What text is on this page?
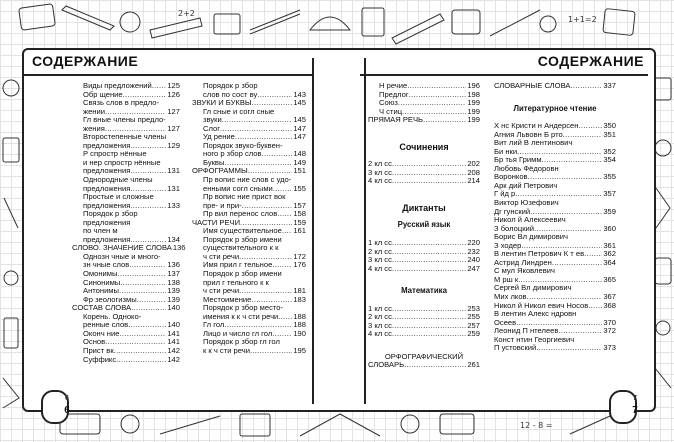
2+2
1+1=2
12 - 8 =
СОДЕРЖАНИЕ	СОДЕРЖАНИЕ
Виды предложений ..... 125
Обр щение .....	126
Связь слов в предло-
жении .....	127
Гл вные члены предло-
жения .....	127
Второстепенные члены
предложения .....	129
Р спростр нённые
и нер спростр нённые
предложения .....	131
Однородные члены
предложения .....	131
Простые и сложные
предложения .....	133
Порядок р збор
предложения
по член м
предложения .....	134
СЛОВО. ЗНАЧЕНИЕ СЛОВА 136
Однозн чные и много-
зн чные слов .....	136
Омонимы .....	137
Синонимы .....	138
Антонимы .....	139
Фр зеологизмы .....	139
СОСТАВ СЛОВА .....	140
Корень. Одноко-
ренные слов .....	140
Оконч ние .....	141
Основ .....	141
Прист вк .....	142
Суффикс .....	142
Порядок р збор
слов по сост ву .....	143
ЗВУКИ И БУКВЫ .....	145
Гл сные и согл сные
звуки .....	145
Слог .....	147
Уд рение .....	147
Порядок звуко-буквен-
ного р збор слов .....	148
Буквы .....	149
ОРФОГРАММЫ .....	151
Пр вопис ние слов с удо-
енными согл сными .....	155
Пр вопис ние прист вок
пре- и при- .....	157
Пр вил перенос слов ..... 158
ЧАСТИ РЕЧИ .....	159
Имя существительное ..... 161
Порядок р збор имени
существительного к к
ч сти речи .....	172
Имя прил г тельное .....	176
Порядок р збор имени
прил г тельного к к
ч сти речи .....	181
Местоимение .....	183
Порядок р збор место-
имения к к ч сти речи ..... 188
Гл гол .....	188
Лицо и число гл гол .....	190
Порядок р збор гл гол
к к ч сти речи .....	195
Н речие .....	196
Предлог .....	198
Союз .....	199
Ч стиц .....	199
ПРЯМАЯ РЕЧЬ .....	199
Сочинения
2 кл сс .....	202
3 кл сс .....	208
4 кл сс .....	214
Диктанты
Русский язык
1 кл сс .....	220
2 кл сс .....	232
3 кл сс .....	240
4 кл сс .....	247
Математика
1 кл сс .....	253
2 кл сс .....	255
3 кл сс .....	257
4 кл сс .....	259
ОРФОГРАФИЧЕСКИЙ
СЛОВАРЬ .....	261
СЛОВАРНЫЕ СЛОВА .....	337
Литературное чтение
Х нс Кристи н Андерсен .....	350
Агния Львовн Б рто .....	351
Вит лий В лентинович
Би нки .....	352
Бр тья Гримм .....	354
Любовь Фёдоровн
Воронков .....	355
Арк дий Петрович
Г йд р .....	357
Виктор Юзефович
Дr гунский .....	359
Никол й Алексеевич
З болоцкий .....	360
Борис Вл димирович
З ходер .....	361
В лентин Петрович К т ев .....	362
Астрид Линдрен .....	364
С мул Яковлевич
М рш к .....	365
Сергей Вл димирович
Мих лков .....	367
Никол й Никол евич Носов ..... 368
В лентин Алекс ндровн
Осеев .....	370
Леонид П нтелеев .....	372
Конст нтин Георгиевич
П устовский .....	373
6
6
7
7
